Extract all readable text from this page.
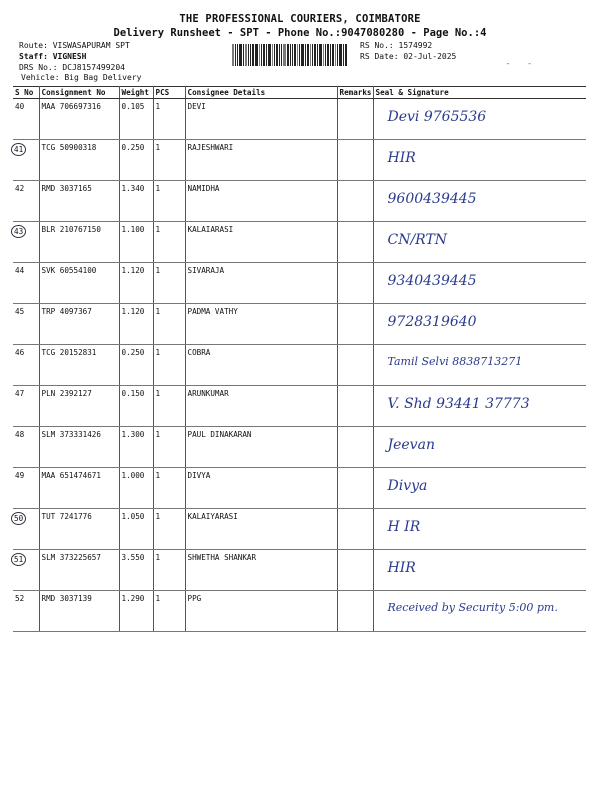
THE PROFESSIONAL COURIERS, COIMBATORE
Delivery Runsheet - SPT - Phone No.:9047080280 - Page No.:4
Route: VISWASAPURAM SPT
Staff: VIGNESH
DRS No.: DCJ8157499204
Vehicle: Big Bag Delivery
RS No.: 1574992
RS Date: 02-Jul-2025
- -
S No	Consignment No	Weight	PCS	Consignee Details	Remarks	Seal & Signature
40	MAA 706697316	0.105	1	DEVI		Devi 9765536

41	TCG 50900318	0.250	1	RAJESHWARI		HIR

42	RMD 3037165	1.340	1	NAMIDHA		9600439445

43	BLR 210767150	1.100	1	KALAIARASI		CN/RTN

44	SVK 60554100	1.120	1	SIVARAJA		9340439445

45	TRP 4097367	1.120	1	PADMA VATHY		9728319640

46	TCG 20152831	0.250	1	COBRA		Tamil Selvi 8838713271

47	PLN 2392127	0.150	1	ARUNKUMAR		V. Shd 93441 37773

48	SLM 373331426	1.300	1	PAUL DINAKARAN		Jeevan

49	MAA 651474671	1.000	1	DIVYA		Divya

50	TUT 7241776	1.050	1	KALAIYARASI		H IR

51	SLM 373225657	3.550	1	SHWETHA SHANKAR		HIR

52	RMD 3037139	1.290	1	PPG		Received by Security 5:00 pm.
